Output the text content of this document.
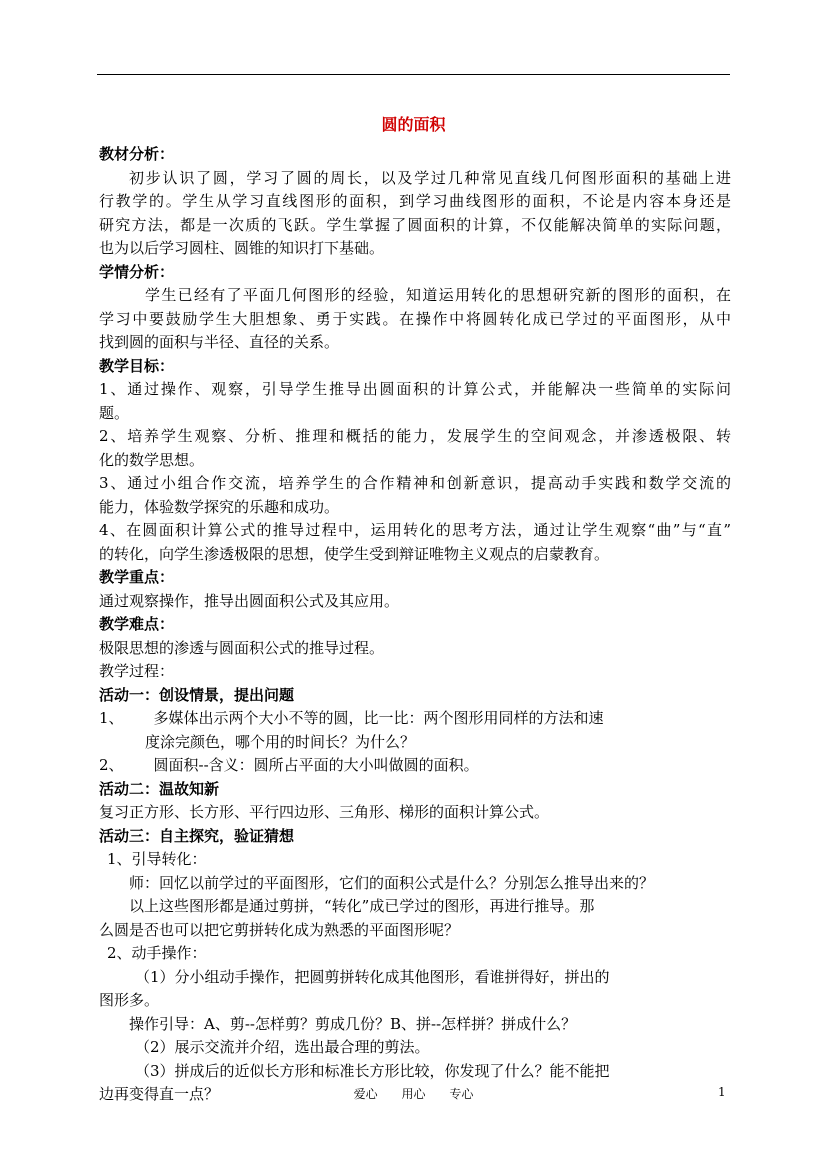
圆的面积
教材分析：
初步认识了圆，学习了圆的周长，以及学过几种常见直线几何图形面积的基础上进
行教学的。学生从学习直线图形的面积，到学习曲线图形的面积，不论是内容本身还是
研究方法，都是一次质的飞跃。学生掌握了圆面积的计算，不仅能解决简单的实际问题，
也为以后学习圆柱、圆锥的知识打下基础。
学情分析：
学生已经有了平面几何图形的经验，知道运用转化的思想研究新的图形的面积，在
学习中要鼓励学生大胆想象、勇于实践。在操作中将圆转化成已学过的平面图形，从中
找到圆的面积与半径、直径的关系。
教学目标：
1、通过操作、观察，引导学生推导出圆面积的计算公式，并能解决一些简单的实际问
题。
2、培养学生观察、分析、推理和概括的能力，发展学生的空间观念，并渗透极限、转
化的数学思想。
3、通过小组合作交流，培养学生的合作精神和创新意识，提高动手实践和数学交流的
能力，体验数学探究的乐趣和成功。
4、在圆面积计算公式的推导过程中，运用转化的思考方法，通过让学生观察“曲”与“直”
的转化，向学生渗透极限的思想，使学生受到辩证唯物主义观点的启蒙教育。
教学重点：
通过观察操作，推导出圆面积公式及其应用。
教学难点：
极限思想的渗透与圆面积公式的推导过程。
教学过程：
活动一：创设情景，提出问题
1、 多媒体出示两个大小不等的圆，比一比：两个图形用同样的方法和速
度涂完颜色，哪个用的时间长？为什么？
2、 圆面积--含义：圆所占平面的大小叫做圆的面积。
活动二：温故知新
复习正方形、长方形、平行四边形、三角形、梯形的面积计算公式。
活动三：自主探究，验证猜想
1、引导转化：
师：回忆以前学过的平面图形，它们的面积公式是什么？分别怎么推导出来的？
以上这些图形都是通过剪拼，“转化”成已学过的图形，再进行推导。那
么圆是否也可以把它剪拼转化成为熟悉的平面图形呢？
2、动手操作：
（1）分小组动手操作，把圆剪拼转化成其他图形，看谁拼得好，拼出的
图形多。
操作引导：A、剪--怎样剪？剪成几份？B、拼--怎样拼？拼成什么？
（2）展示交流并介绍，选出最合理的剪法。
（3）拼成后的近似长方形和标准长方形比较，你发现了什么？能不能把
边再变得直一点？	爱心 用心 专心	1
